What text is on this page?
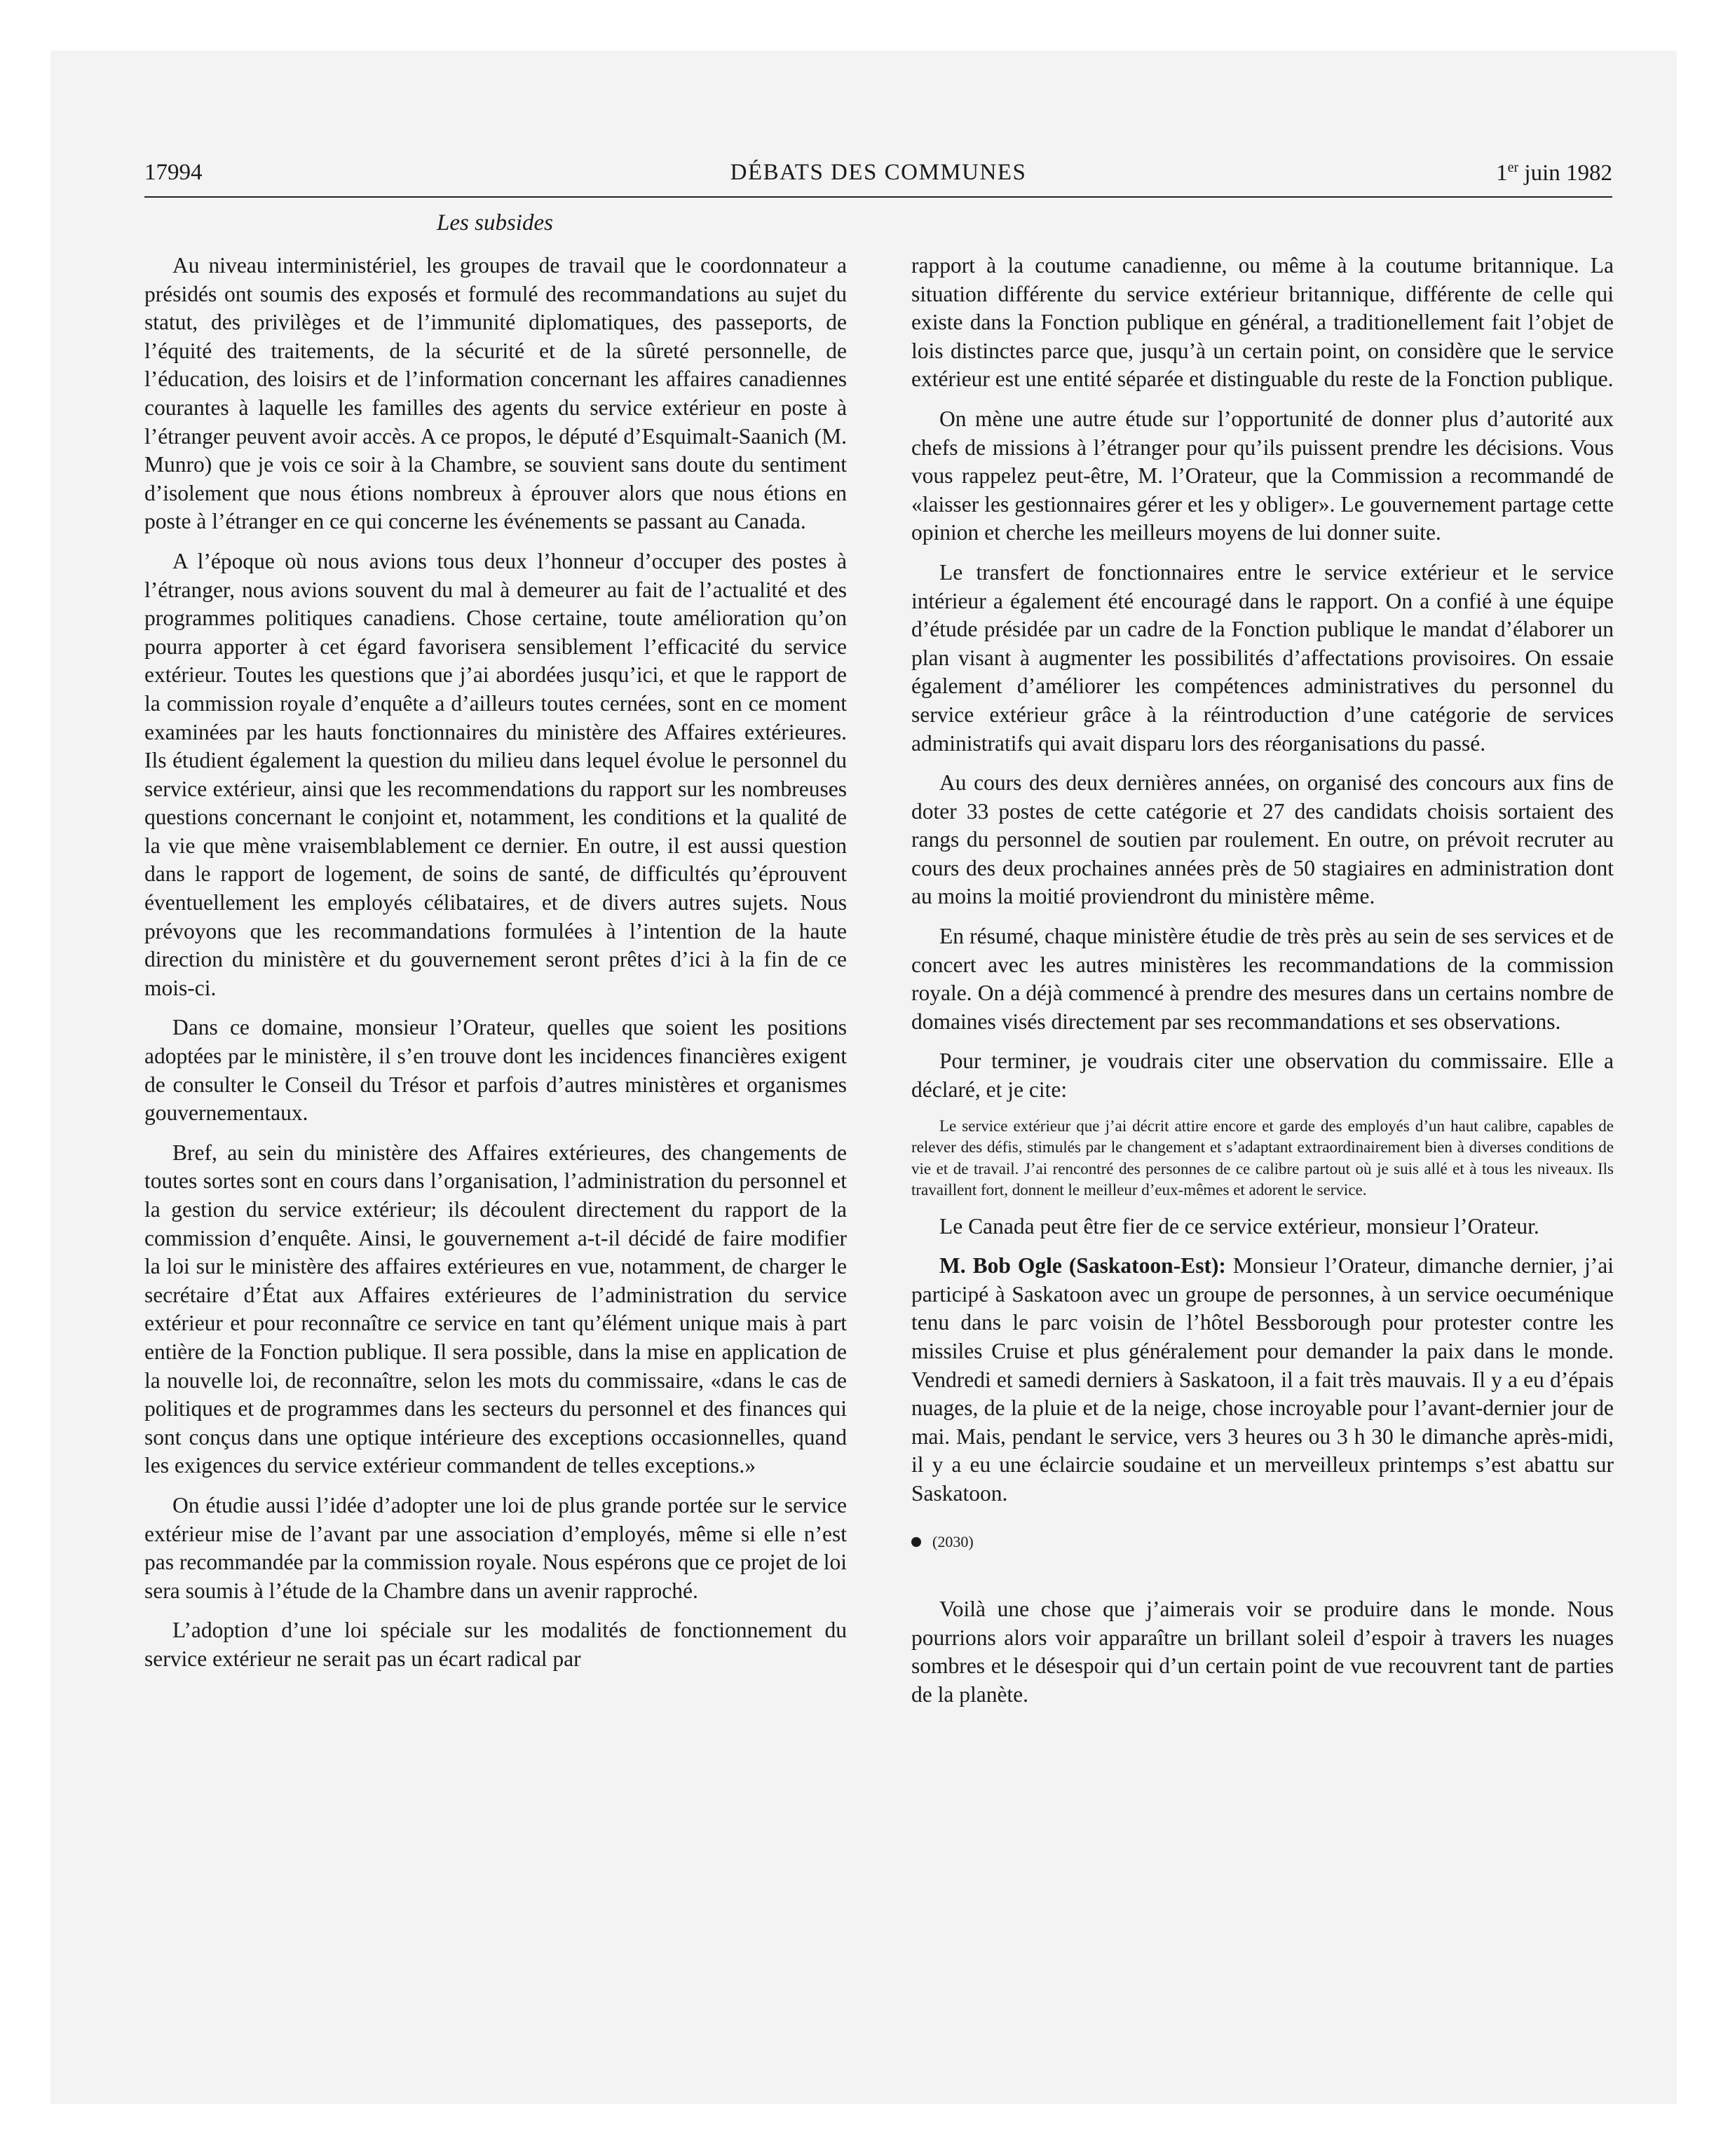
17994	DÉBATS DES COMMUNES	1er juin 1982
Les subsides

Au niveau interministériel, les groupes de travail que le coordonnateur a présidés ont soumis des exposés et formulé des recommandations au sujet du statut, des privilèges et de l’immunité diplomatiques, des passeports, de l’équité des traitements, de la sécurité et de la sûreté personnelle, de l’éducation, des loisirs et de l’information concernant les affaires canadiennes courantes à laquelle les familles des agents du service extérieur en poste à l’étranger peuvent avoir accès. A ce propos, le député d’Esquimalt-Saanich (M. Munro) que je vois ce soir à la Chambre, se souvient sans doute du sentiment d’isolement que nous étions nombreux à éprouver alors que nous étions en poste à l’étranger en ce qui concerne les événements se passant au Canada.

A l’époque où nous avions tous deux l’honneur d’occuper des postes à l’étranger, nous avions souvent du mal à demeurer au fait de l’actualité et des programmes politiques canadiens. Chose certaine, toute amélioration qu’on pourra apporter à cet égard favorisera sensiblement l’efficacité du service extérieur. Toutes les questions que j’ai abordées jusqu’ici, et que le rapport de la commission royale d’enquête a d’ailleurs toutes cernées, sont en ce moment examinées par les hauts fonctionnaires du ministère des Affaires extérieures. Ils étudient également la question du milieu dans lequel évolue le personnel du service extérieur, ainsi que les recommendations du rapport sur les nombreuses questions concernant le conjoint et, notamment, les conditions et la qualité de la vie que mène vraisemblablement ce dernier. En outre, il est aussi question dans le rapport de logement, de soins de santé, de difficultés qu’éprouvent éventuellement les employés célibataires, et de divers autres sujets. Nous prévoyons que les recommandations formulées à l’intention de la haute direction du ministère et du gouvernement seront prêtes d’ici à la fin de ce mois-ci.

Dans ce domaine, monsieur l’Orateur, quelles que soient les positions adoptées par le ministère, il s’en trouve dont les incidences financières exigent de consulter le Conseil du Trésor et parfois d’autres ministères et organismes gouvernementaux.

Bref, au sein du ministère des Affaires extérieures, des changements de toutes sortes sont en cours dans l’organisation, l’administration du personnel et la gestion du service extérieur; ils découlent directement du rapport de la commission d’enquête. Ainsi, le gouvernement a-t-il décidé de faire modifier la loi sur le ministère des affaires extérieures en vue, notamment, de charger le secrétaire d’État aux Affaires extérieures de l’administration du service extérieur et pour reconnaître ce service en tant qu’élément unique mais à part entière de la Fonction publique. Il sera possible, dans la mise en application de la nouvelle loi, de reconnaître, selon les mots du commissaire, «dans le cas de politiques et de programmes dans les secteurs du personnel et des finances qui sont conçus dans une optique intérieure des exceptions occasionnelles, quand les exigences du service extérieur commandent de telles exceptions.»

On étudie aussi l’idée d’adopter une loi de plus grande portée sur le service extérieur mise de l’avant par une association d’employés, même si elle n’est pas recommandée par la commission royale. Nous espérons que ce projet de loi sera soumis à l’étude de la Chambre dans un avenir rapproché.

L’adoption d’une loi spéciale sur les modalités de fonctionnement du service extérieur ne serait pas un écart radical par

rapport à la coutume canadienne, ou même à la coutume britannique. La situation différente du service extérieur britannique, différente de celle qui existe dans la Fonction publique en général, a traditionellement fait l’objet de lois distinctes parce que, jusqu’à un certain point, on considère que le service extérieur est une entité séparée et distinguable du reste de la Fonction publique.

On mène une autre étude sur l’opportunité de donner plus d’autorité aux chefs de missions à l’étranger pour qu’ils puissent prendre les décisions. Vous vous rappelez peut-être, M. l’Orateur, que la Commission a recommandé de «laisser les gestionnaires gérer et les y obliger». Le gouvernement partage cette opinion et cherche les meilleurs moyens de lui donner suite.

Le transfert de fonctionnaires entre le service extérieur et le service intérieur a également été encouragé dans le rapport. On a confié à une équipe d’étude présidée par un cadre de la Fonction publique le mandat d’élaborer un plan visant à augmenter les possibilités d’affectations provisoires. On essaie également d’améliorer les compétences administratives du personnel du service extérieur grâce à la réintroduction d’une catégorie de services administratifs qui avait disparu lors des réorganisations du passé.

Au cours des deux dernières années, on organisé des concours aux fins de doter 33 postes de cette catégorie et 27 des candidats choisis sortaient des rangs du personnel de soutien par roulement. En outre, on prévoit recruter au cours des deux prochaines années près de 50 stagiaires en administration dont au moins la moitié proviendront du ministère même.

En résumé, chaque ministère étudie de très près au sein de ses services et de concert avec les autres ministères les recommandations de la commission royale. On a déjà commencé à prendre des mesures dans un certains nombre de domaines visés directement par ses recommandations et ses observations.

Pour terminer, je voudrais citer une observation du commissaire. Elle a déclaré, et je cite:

Le service extérieur que j’ai décrit attire encore et garde des employés d’un haut calibre, capables de relever des défis, stimulés par le changement et s’adaptant extraordinairement bien à diverses conditions de vie et de travail. J’ai rencontré des personnes de ce calibre partout où je suis allé et à tous les niveaux. Ils travaillent fort, donnent le meilleur d’eux-mêmes et adorent le service.

Le Canada peut être fier de ce service extérieur, monsieur l’Orateur.

M. Bob Ogle (Saskatoon-Est): Monsieur l’Orateur, dimanche dernier, j’ai participé à Saskatoon avec un groupe de personnes, à un service oecuménique tenu dans le parc voisin de l’hôtel Bessborough pour protester contre les missiles Cruise et plus généralement pour demander la paix dans le monde. Vendredi et samedi derniers à Saskatoon, il a fait très mauvais. Il y a eu d’épais nuages, de la pluie et de la neige, chose incroyable pour l’avant-dernier jour de mai. Mais, pendant le service, vers 3 heures ou 3 h 30 le dimanche après-midi, il y a eu une éclaircie soudaine et un merveilleux printemps s’est abattu sur Saskatoon.

(2030)

Voilà une chose que j’aimerais voir se produire dans le monde. Nous pourrions alors voir apparaître un brillant soleil d’espoir à travers les nuages sombres et le désespoir qui d’un certain point de vue recouvrent tant de parties de la planète.
